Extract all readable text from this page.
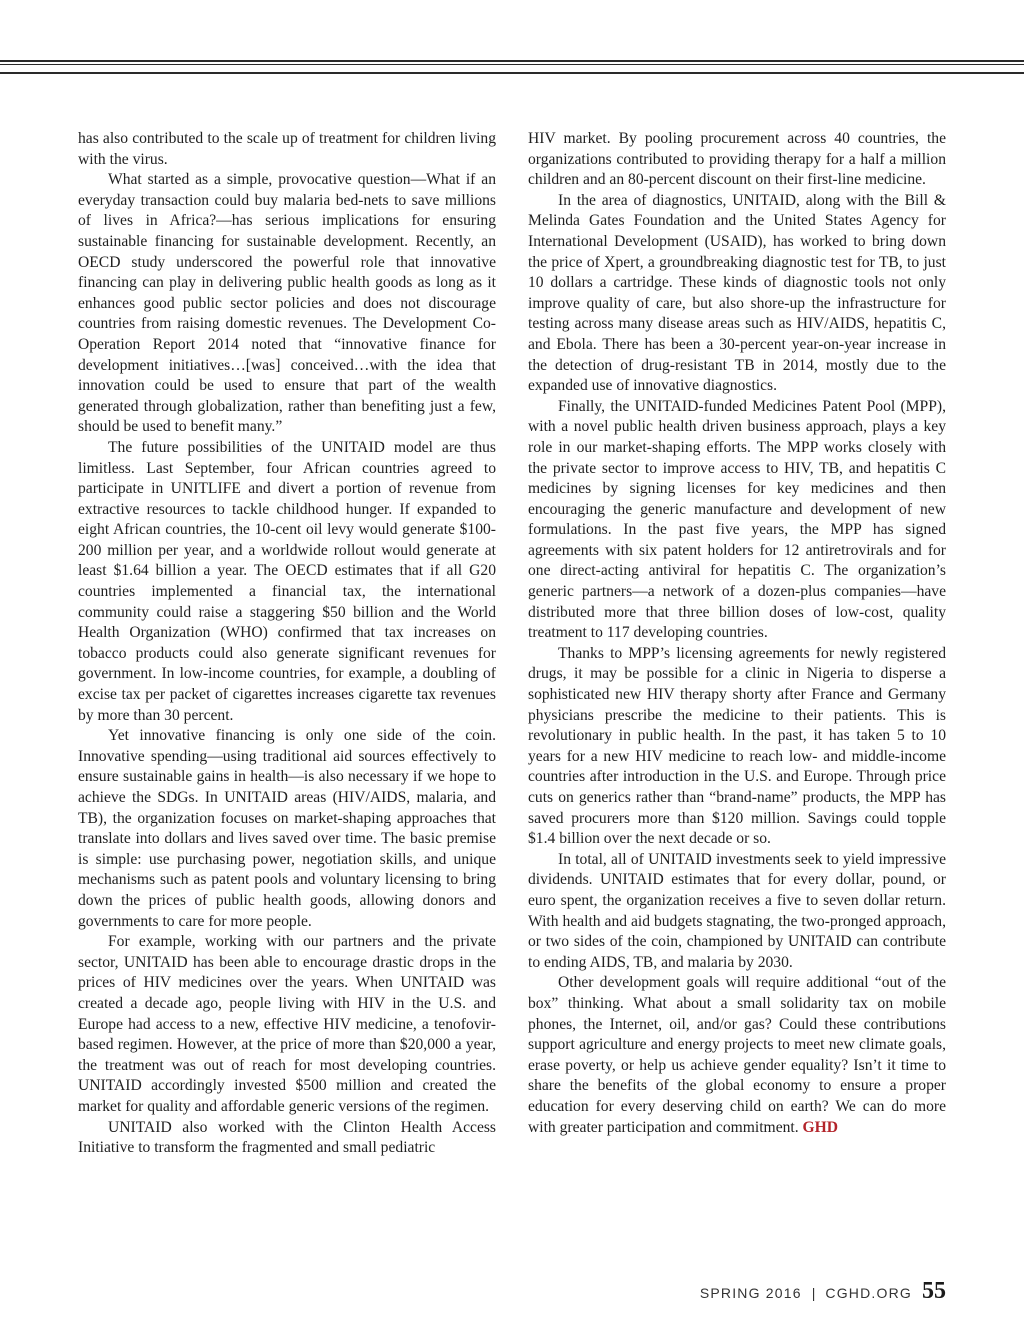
has also contributed to the scale up of treatment for children living with the virus.

What started as a simple, provocative question—What if an everyday transaction could buy malaria bed-nets to save millions of lives in Africa?—has serious implications for ensuring sustainable financing for sustainable development. Recently, an OECD study underscored the powerful role that innovative financing can play in delivering public health goods as long as it enhances good public sector policies and does not discourage countries from raising domestic revenues. The Development Co-Operation Report 2014 noted that “innovative finance for development initiatives…[was] conceived…with the idea that innovation could be used to ensure that part of the wealth generated through globalization, rather than benefiting just a few, should be used to benefit many.”

The future possibilities of the UNITAID model are thus limitless. Last September, four African countries agreed to participate in UNITLIFE and divert a portion of revenue from extractive resources to tackle childhood hunger. If expanded to eight African countries, the 10-cent oil levy would generate $100-200 million per year, and a worldwide rollout would generate at least $1.64 billion a year. The OECD estimates that if all G20 countries implemented a financial tax, the international community could raise a staggering $50 billion and the World Health Organization (WHO) confirmed that tax increases on tobacco products could also generate significant revenues for government. In low-income countries, for example, a doubling of excise tax per packet of cigarettes increases cigarette tax revenues by more than 30 percent.

Yet innovative financing is only one side of the coin. Innovative spending—using traditional aid sources effectively to ensure sustainable gains in health—is also necessary if we hope to achieve the SDGs. In UNITAID areas (HIV/AIDS, malaria, and TB), the organization focuses on market-shaping approaches that translate into dollars and lives saved over time. The basic premise is simple: use purchasing power, negotiation skills, and unique mechanisms such as patent pools and voluntary licensing to bring down the prices of public health goods, allowing donors and governments to care for more people.

For example, working with our partners and the private sector, UNITAID has been able to encourage drastic drops in the prices of HIV medicines over the years. When UNITAID was created a decade ago, people living with HIV in the U.S. and Europe had access to a new, effective HIV medicine, a tenofovir-based regimen. However, at the price of more than $20,000 a year, the treatment was out of reach for most developing countries. UNITAID accordingly invested $500 million and created the market for quality and affordable generic versions of the regimen.

UNITAID also worked with the Clinton Health Access Initiative to transform the fragmented and small pediatric

HIV market. By pooling procurement across 40 countries, the organizations contributed to providing therapy for a half a million children and an 80-percent discount on their first-line medicine.

In the area of diagnostics, UNITAID, along with the Bill & Melinda Gates Foundation and the United States Agency for International Development (USAID), has worked to bring down the price of Xpert, a groundbreaking diagnostic test for TB, to just 10 dollars a cartridge. These kinds of diagnostic tools not only improve quality of care, but also shore-up the infrastructure for testing across many disease areas such as HIV/AIDS, hepatitis C, and Ebola. There has been a 30-percent year-on-year increase in the detection of drug-resistant TB in 2014, mostly due to the expanded use of innovative diagnostics.

Finally, the UNITAID-funded Medicines Patent Pool (MPP), with a novel public health driven business approach, plays a key role in our market-shaping efforts. The MPP works closely with the private sector to improve access to HIV, TB, and hepatitis C medicines by signing licenses for key medicines and then encouraging the generic manufacture and development of new formulations. In the past five years, the MPP has signed agreements with six patent holders for 12 antiretrovirals and for one direct-acting antiviral for hepatitis C. The organization’s generic partners—a network of a dozen-plus companies—have distributed more that three billion doses of low-cost, quality treatment to 117 developing countries.

Thanks to MPP’s licensing agreements for newly registered drugs, it may be possible for a clinic in Nigeria to disperse a sophisticated new HIV therapy shorty after France and Germany physicians prescribe the medicine to their patients. This is revolutionary in public health. In the past, it has taken 5 to 10 years for a new HIV medicine to reach low- and middle-income countries after introduction in the U.S. and Europe. Through price cuts on generics rather than “brand-name” products, the MPP has saved procurers more than $120 million. Savings could topple $1.4 billion over the next decade or so.

In total, all of UNITAID investments seek to yield impressive dividends. UNITAID estimates that for every dollar, pound, or euro spent, the organization receives a five to seven dollar return. With health and aid budgets stagnating, the two-pronged approach, or two sides of the coin, championed by UNITAID can contribute to ending AIDS, TB, and malaria by 2030.

Other development goals will require additional “out of the box” thinking. What about a small solidarity tax on mobile phones, the Internet, oil, and/or gas? Could these contributions support agriculture and energy projects to meet new climate goals, erase poverty, or help us achieve gender equality? Isn’t it time to share the benefits of the global economy to ensure a proper education for every deserving child on earth? We can do more with greater participation and commitment. GHD

SPRING 2016 | CGHD.ORG 55
